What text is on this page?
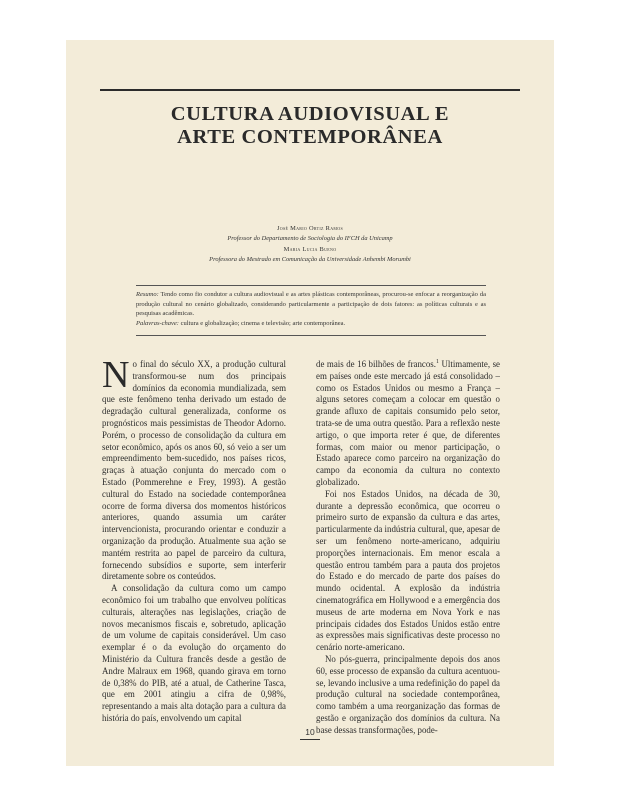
CULTURA AUDIOVISUAL E
ARTE CONTEMPORÂNEA
José Mario Ortiz Ramos
Professor do Departamento de Sociologia do IFCH da Unicamp
Maria Lucia Bueno
Professora do Mestrado em Comunicação da Universidade Anhembi Morumbi

Resumo: Tendo como fio condutor a cultura audiovisual e as artes plásticas contemporâneas, procurou-se enfocar a reorganização da produção cultural no cenário globalizado, considerando particularmente a participação de dois fatores: as políticas culturais e as pesquisas acadêmicas.

Palavras-chave: cultura e globalização; cinema e televisão; arte contemporânea.

No final do século XX, a produção cultural transformou-se num dos principais domínios da economia mundializada, sem que este fenômeno tenha derivado um estado de degradação cultural generalizada, conforme os prognósticos mais pessimistas de Theodor Adorno. Porém, o processo de consolidação da cultura em setor econômico, após os anos 60, só veio a ser um empreendimento bem-sucedido, nos países ricos, graças à atuação conjunta do mercado com o Estado (Pommerehne e Frey, 1993). A gestão cultural do Estado na sociedade contemporânea ocorre de forma diversa dos momentos históricos anteriores, quando assumia um caráter intervencionista, procurando orientar e conduzir a organização da produção. Atualmente sua ação se mantém restrita ao papel de parceiro da cultura, fornecendo subsídios e suporte, sem interferir diretamente sobre os conteúdos.

A consolidação da cultura como um campo econômico foi um trabalho que envolveu políticas culturais, alterações nas legislações, criação de novos mecanismos fiscais e, sobretudo, aplicação de um volume de capitais considerável. Um caso exemplar é o da evolução do orçamento do Ministério da Cultura francês desde a gestão de Andre Malraux em 1968, quando girava em torno de 0,38% do PIB, até a atual, de Catherine Tasca, que em 2001 atingiu a cifra de 0,98%, representando a mais alta dotação para a cultura da história do país, envolvendo um capital

de mais de 16 bilhões de francos.$^1$ Ultimamente, se em países onde este mercado já está consolidado – como os Estados Unidos ou mesmo a França – alguns setores começam a colocar em questão o grande afluxo de capitais consumido pelo setor, trata-se de uma outra questão. Para a reflexão neste artigo, o que importa reter é que, de diferentes formas, com maior ou menor participação, o Estado aparece como parceiro na organização do campo da economia da cultura no contexto globalizado.

Foi nos Estados Unidos, na década de 30, durante a depressão econômica, que ocorreu o primeiro surto de expansão da cultura e das artes, particularmente da indústria cultural, que, apesar de ser um fenômeno norte-americano, adquiriu proporções internacionais. Em menor escala a questão entrou também para a pauta dos projetos do Estado e do mercado de parte dos países do mundo ocidental. A explosão da indústria cinematográfica em Hollywood e a emergência dos museus de arte moderna em Nova York e nas principais cidades dos Estados Unidos estão entre as expressões mais significativas deste processo no cenário norte-americano.

No pós-guerra, principalmente depois dos anos 60, esse processo de expansão da cultura acentuou-se, levando inclusive a uma redefinição do papel da produção cultural na sociedade contemporânea, como também a uma reorganização das formas de gestão e organização dos domínios da cultura. Na base dessas transformações, pode-

10
